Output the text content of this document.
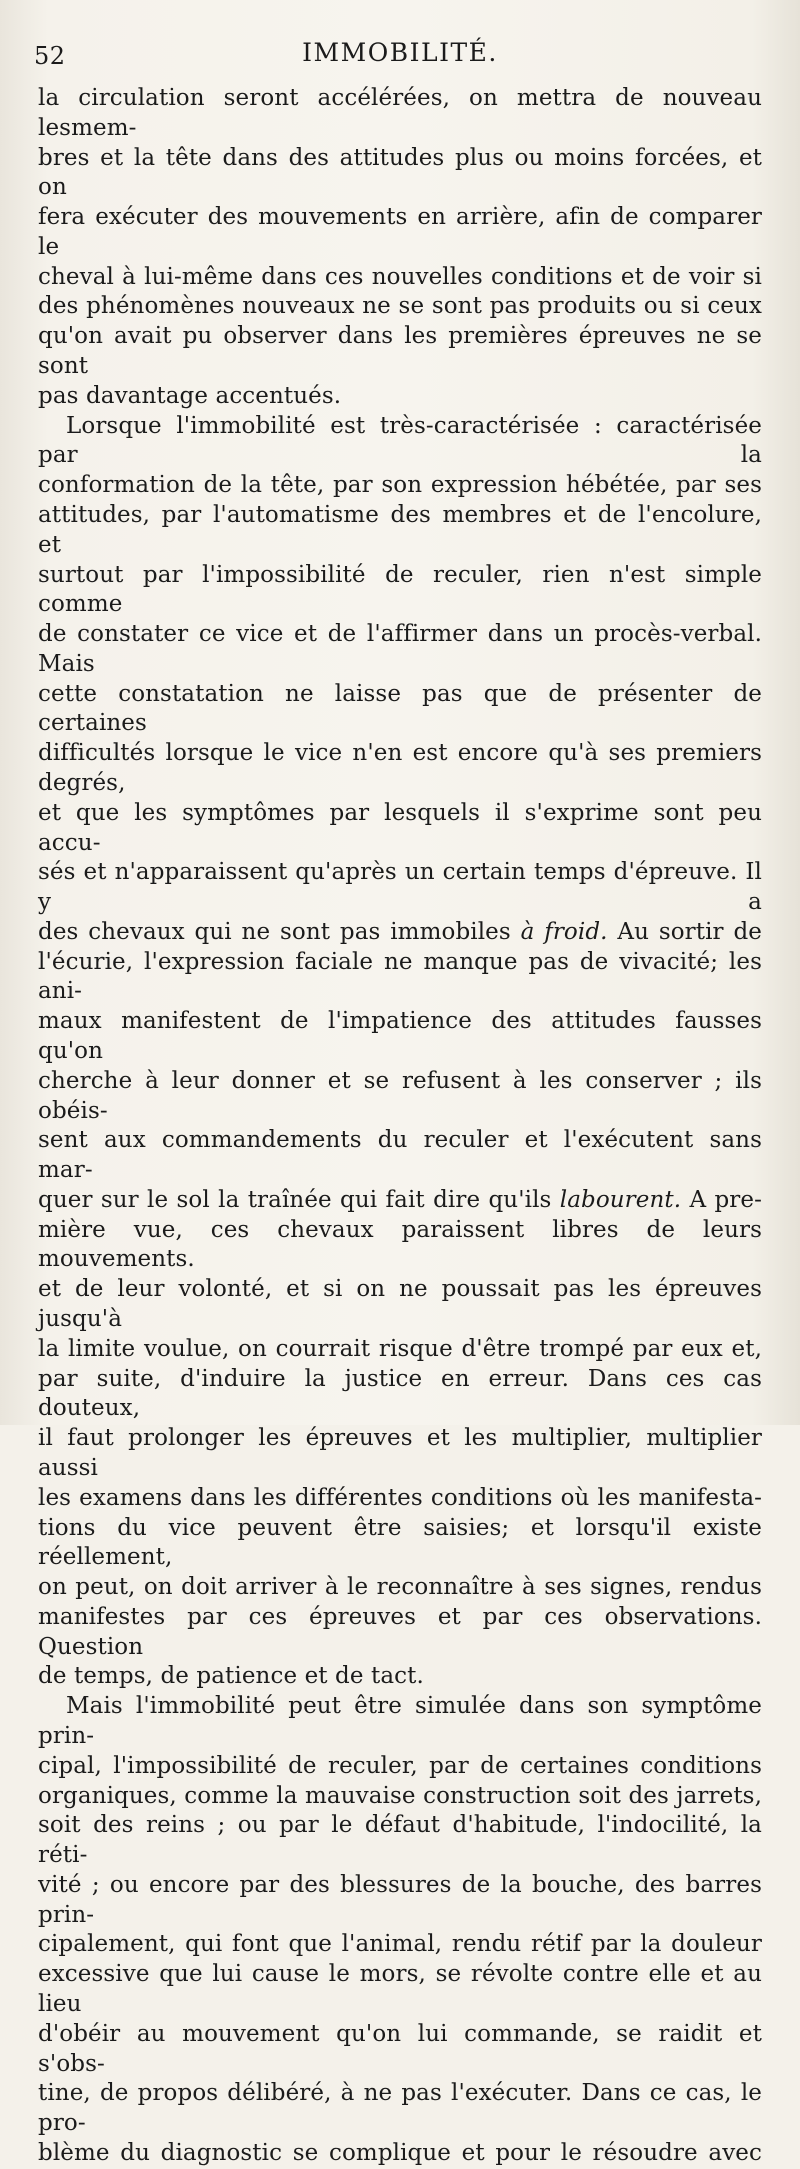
52	IMMOBILITÉ.

la circulation seront accélérées, on mettra de nouveau lesmem-

bres et la tête dans des attitudes plus ou moins forcées, et on

fera exécuter des mouvements en arrière, afin de comparer le

cheval à lui-même dans ces nouvelles conditions et de voir si

des phénomènes nouveaux ne se sont pas produits ou si ceux

qu'on avait pu observer dans les premières épreuves ne se sont

pas davantage accentués.

Lorsque l'immobilité est très-caractérisée : caractérisée par la

conformation de la tête, par son expression hébétée, par ses

attitudes, par l'automatisme des membres et de l'encolure, et

surtout par l'impossibilité de reculer, rien n'est simple comme

de constater ce vice et de l'affirmer dans un procès-verbal. Mais

cette constatation ne laisse pas que de présenter de certaines

difficultés lorsque le vice n'en est encore qu'à ses premiers degrés,

et que les symptômes par lesquels il s'exprime sont peu accu-

sés et n'apparaissent qu'après un certain temps d'épreuve. Il y a

des chevaux qui ne sont pas immobiles à froid. Au sortir de

l'écurie, l'expression faciale ne manque pas de vivacité; les ani-

maux manifestent de l'impatience des attitudes fausses qu'on

cherche à leur donner et se refusent à les conserver ; ils obéis-

sent aux commandements du reculer et l'exécutent sans mar-

quer sur le sol la traînée qui fait dire qu'ils labourent. A pre-

mière vue, ces chevaux paraissent libres de leurs mouvements.

et de leur volonté, et si on ne poussait pas les épreuves jusqu'à

la limite voulue, on courrait risque d'être trompé par eux et,

par suite, d'induire la justice en erreur. Dans ces cas douteux,

il faut prolonger les épreuves et les multiplier, multiplier aussi

les examens dans les différentes conditions où les manifesta-

tions du vice peuvent être saisies; et lorsqu'il existe réellement,

on peut, on doit arriver à le reconnaître à ses signes, rendus

manifestes par ces épreuves et par ces observations. Question

de temps, de patience et de tact.

Mais l'immobilité peut être simulée dans son symptôme prin-

cipal, l'impossibilité de reculer, par de certaines conditions

organiques, comme la mauvaise construction soit des jarrets,

soit des reins ; ou par le défaut d'habitude, l'indocilité, la réti-

vité ; ou encore par des blessures de la bouche, des barres prin-

cipalement, qui font que l'animal, rendu rétif par la douleur

excessive que lui cause le mors, se révolte contre elle et au lieu

d'obéir au mouvement qu'on lui commande, se raidit et s'obs-

tine, de propos délibéré, à ne pas l'exécuter. Dans ce cas, le pro-

blème du diagnostic se complique et pour le résoudre avec
